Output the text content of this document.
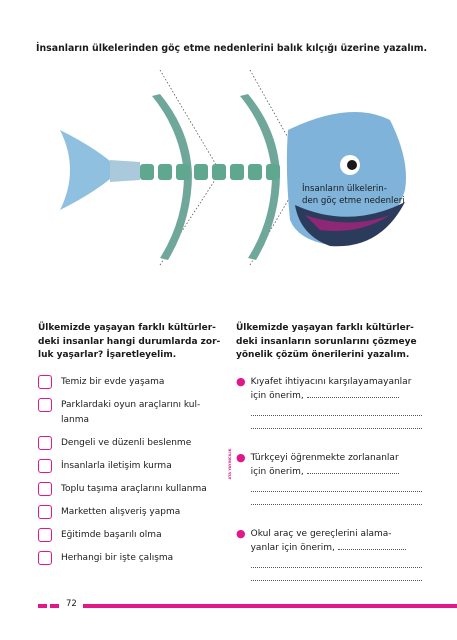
İnsanların ülkelerinden göç etme nedenlerini balık kılçığı üzerine yazalım.
İnsanların ülkelerin-
den göç etme nedenleri

Ülkemizde yaşayan farklı kültürler-
deki insanlar hangi durumlarda zor-
luk yaşarlar? İşaretleyelim.

Temiz bir evde yaşama
Parklardaki oyun araçlarını kul-
lanma
Dengeli ve düzenli beslenme
İnsanlarla iletişim kurma
Toplu taşıma araçlarını kullanma
Marketten alışveriş yapma
Eğitimde başarılı olma
Herhangi bir işte çalışma
ATA YAYINCILIK

Ülkemizde yaşayan farklı kültürler-
deki insanların sorunlarını çözmeye
yönelik çözüm önerilerini yazalım.

● Kıyafet ihtiyacını karşılayamayanlar
için önerim,
● Türkçeyi öğrenmekte zorlananlar
için önerim,
● Okul araç ve gereçlerini alama-
yanlar için önerim,
72
